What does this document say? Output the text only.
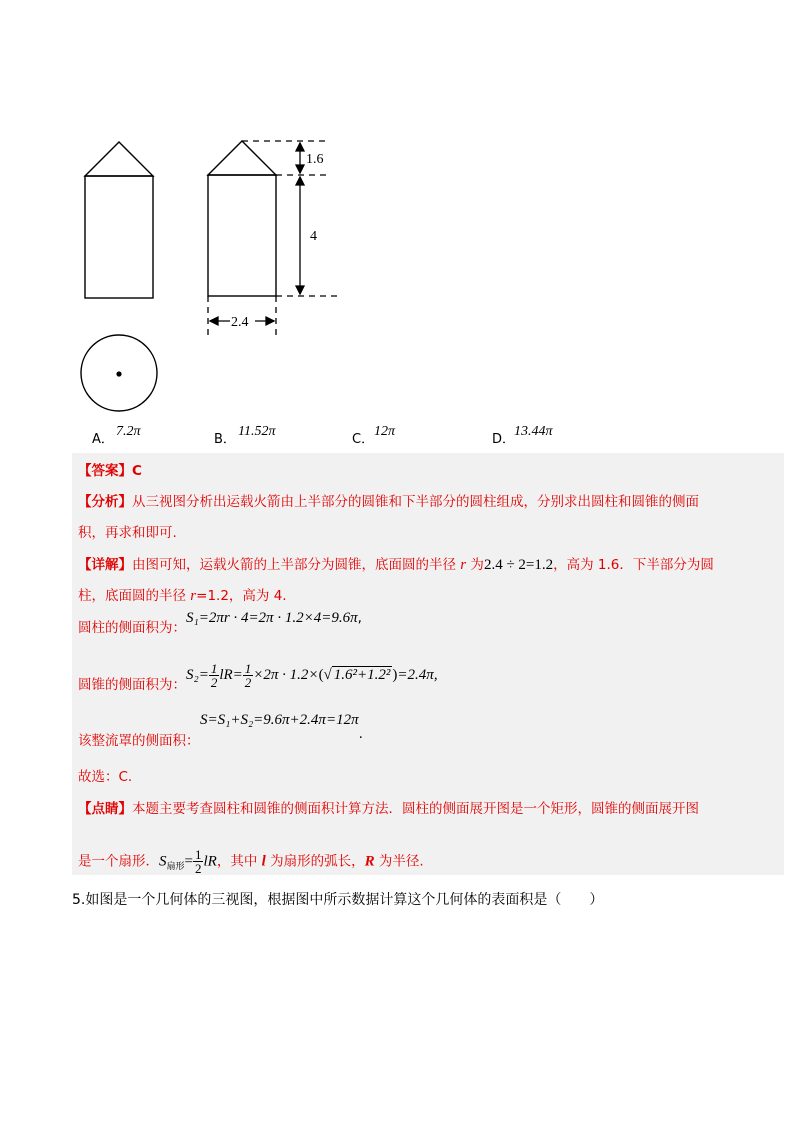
1.6
4
2.4
A．
7.2π
B．
11.52π
C．
12π
D．
13.44π
【答案】C
【分析】从三视图分析出运载火箭由上半部分的圆锥和下半部分的圆柱组成，分别求出圆柱和圆锥的侧面
积，再求和即可.
【详解】由图可知，运载火箭的上半部分为圆锥，底面圆的半径 r 为2.4 ÷ 2=1.2，高为 1.6．下半部分为圆
柱，底面圆的半径 r=1.2，高为 4.
圆柱的侧面积为：
S₁=2πr · 4=2π · 1.2×4=9.6π,
圆锥的侧面积为：
$S_2= \frac{1}{2} lR= \frac{1}{2} \times 2\pi \cdot 1.2\times(√$ 1.6²+1.2² )=2.4π,
该整流罩的侧面积：
S=S₁+S₂=9.6π+2.4π=12π.
故选：C.
【点睛】本题主要考查圆柱和圆锥的侧面积计算方法．圆柱的侧面展开图是一个矩形，圆锥的侧面展开图
是一个扇形．$S_{扇形}= \frac{1}{2}$ lR，其中 l 为扇形的弧长，R 为半径.
5.如图是一个几何体的三视图，根据图中所示数据计算这个几何体的表面积是（　　）
